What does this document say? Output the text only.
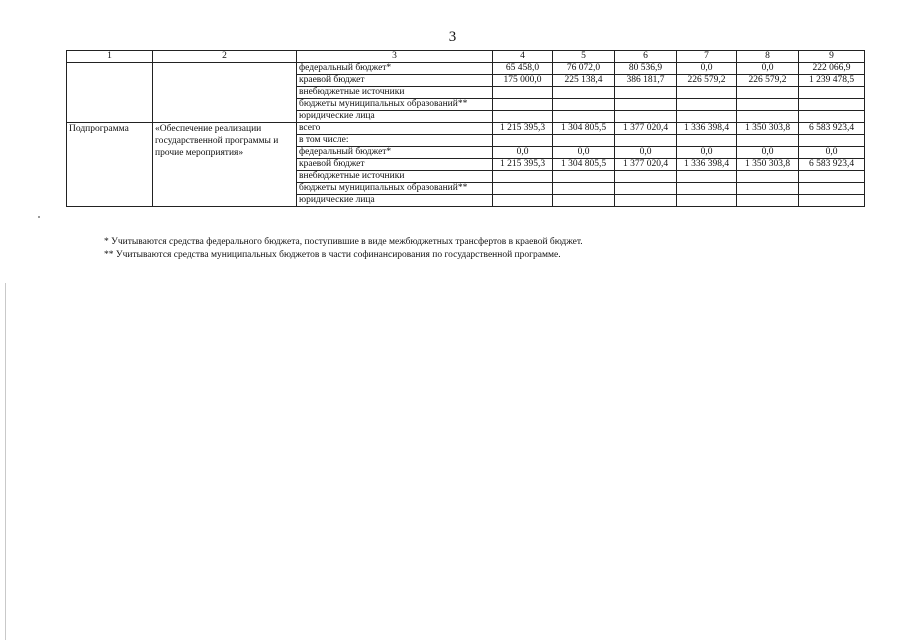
3
1	2	3	4	5	6	7	8	9
		федеральный бюджет*	65 458,0	76 072,0	80 536,9	0,0	0,0	222 066,9
		краевой бюджет	175 000,0	225 138,4	386 181,7	226 579,2	226 579,2	1 239 478,5
		внебюджетные источники						
		бюджеты муниципальных образований**						
		юридические лица						
Подпрограмма	«Обеспечение реализации государственной программы и прочие мероприятия»	всего	1 215 395,3	1 304 805,5	1 377 020,4	1 336 398,4	1 350 303,8	6 583 923,4
		в том числе:						
		федеральный бюджет*	0,0	0,0	0,0	0,0	0,0	0,0
		краевой бюджет	1 215 395,3	1 304 805,5	1 377 020,4	1 336 398,4	1 350 303,8	6 583 923,4
		внебюджетные источники						
		бюджеты муниципальных образований**						
		юридические лица						
* Учитываются средства федерального бюджета, поступившие в виде межбюджетных трансфертов в краевой бюджет.
** Учитываются средства муниципальных бюджетов в части софинансирования по государственной программе.
